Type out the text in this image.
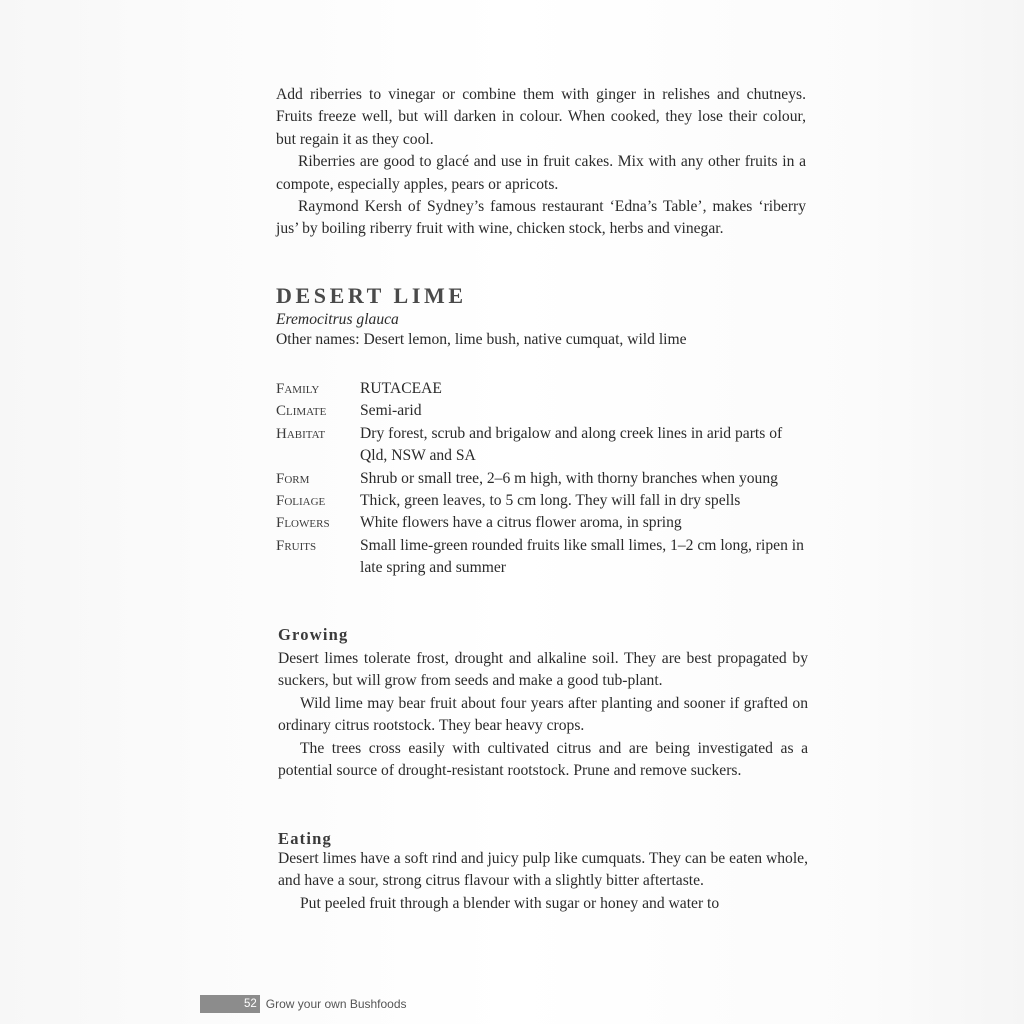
Add riberries to vinegar or combine them with ginger in relishes and chutneys. Fruits freeze well, but will darken in colour. When cooked, they lose their colour, but regain it as they cool.

Riberries are good to glacé and use in fruit cakes. Mix with any other fruits in a compote, especially apples, pears or apricots.

Raymond Kersh of Sydney’s famous restaurant ‘Edna’s Table’, makes ‘riberry jus’ by boiling riberry fruit with wine, chicken stock, herbs and vinegar.

DESERT LIME
Eremocitrus glauca
Other names: Desert lemon, lime bush, native cumquat, wild lime
Family	RUTACEAE
Climate	Semi-arid
Habitat	Dry forest, scrub and brigalow and along creek lines in arid parts of Qld, NSW and SA
Form	Shrub or small tree, 2–6 m high, with thorny branches when young
Foliage	Thick, green leaves, to 5 cm long. They will fall in dry spells
Flowers	White flowers have a citrus flower aroma, in spring
Fruits	Small lime-green rounded fruits like small limes, 1–2 cm long, ripen in late spring and summer
Growing

Desert limes tolerate frost, drought and alkaline soil. They are best propagated by suckers, but will grow from seeds and make a good tub-plant.

Wild lime may bear fruit about four years after planting and sooner if grafted on ordinary citrus rootstock. They bear heavy crops.

The trees cross easily with cultivated citrus and are being investigated as a potential source of drought-resistant rootstock. Prune and remove suckers.

Eating

Desert limes have a soft rind and juicy pulp like cumquats. They can be eaten whole, and have a sour, strong citrus flavour with a slightly bitter aftertaste.

Put peeled fruit through a blender with sugar or honey and water to

52 Grow your own Bushfoods
